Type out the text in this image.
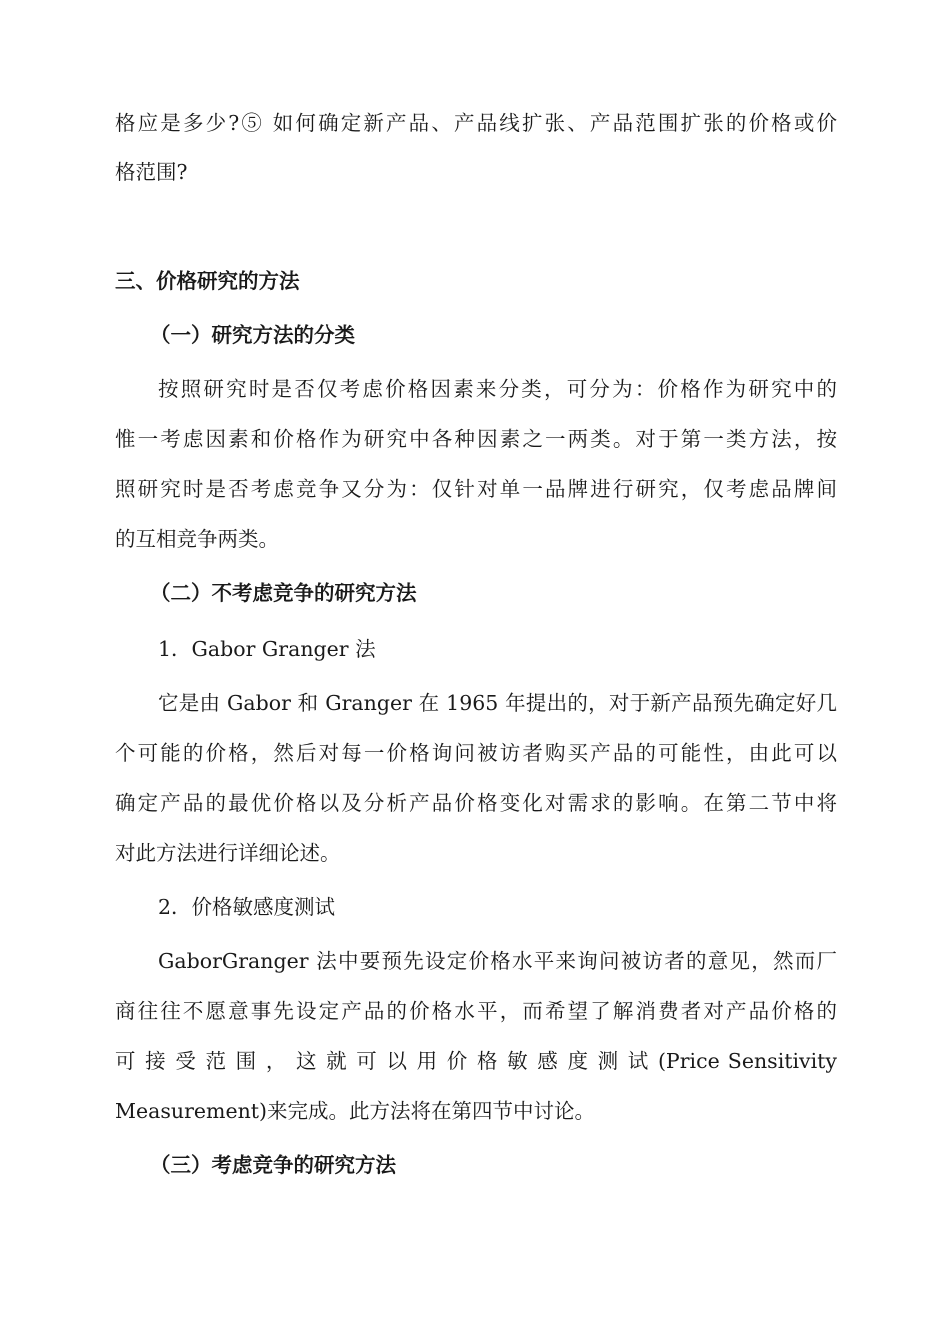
格应是多少?⑤ 如何确定新产品、产品线扩张、产品范围扩张的价格或价
格范围?
三、价格研究的方法
（一）研究方法的分类
按照研究时是否仅考虑价格因素来分类，可分为：价格作为研究中的
惟一考虑因素和价格作为研究中各种因素之一两类。对于第一类方法，按
照研究时是否考虑竞争又分为：仅针对单一品牌进行研究，仅考虑品牌间
的互相竞争两类。
（二）不考虑竞争的研究方法
1．Gabor Granger 法
它是由 Gabor 和 Granger 在 1965 年提出的，对于新产品预先确定好几
个可能的价格，然后对每一价格询问被访者购买产品的可能性，由此可以
确定产品的最优价格以及分析产品价格变化对需求的影响。在第二节中将
对此方法进行详细论述。
2．价格敏感度测试
GaborGranger 法中要预先设定价格水平来询问被访者的意见，然而厂
商往往不愿意事先设定产品的价格水平，而希望了解消费者对产品价格的
可 接 受 范 围 ， 这 就 可 以 用 价 格 敏 感 度 测 试 (Price Sensitivity
Measurement)来完成。此方法将在第四节中讨论。
（三）考虑竞争的研究方法
